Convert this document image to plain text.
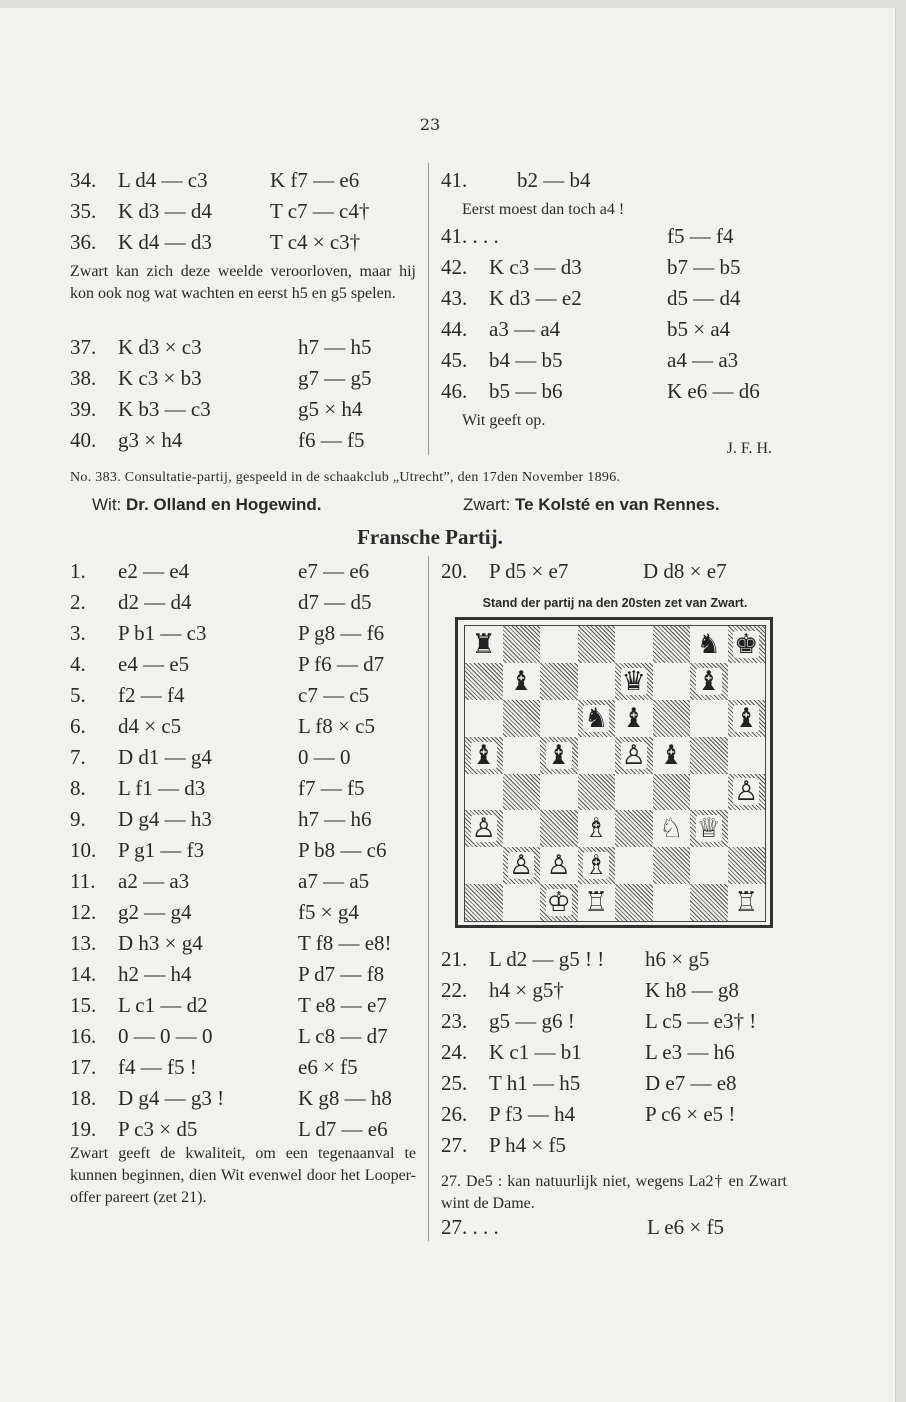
23
34. L d4 — c3	K f7 — e6
35. K d3 — d4	T c7 — c4†
36. K d4 — d3	T c4 × c3†
Zwart kan zich deze weelde veroorloven, maar hij kon ook nog wat wachten en eerst h5 en g5 spelen.
37. K d3 × c3	h7 — h5
38. K c3 × b3	g7 — g5
39. K b3 — c3	g5 × h4
40. g3 × h4	f6 — f5
41. b2 — b4
Eerst moest dan toch a4 !
41. . . .	f5 — f4
42. K c3 — d3	b7 — b5
43. K d3 — e2	d5 — d4
44. a3 — a4	b5 × a4
45. b4 — b5	a4 — a3
46. b5 — b6	K e6 — d6
Wit geeft op.
J. F. H.
No. 383. Consultatie-partij, gespeeld in de schaakclub „Utrecht”, den 17den November 1896.
Wit: Dr. Olland en Hogewind.	Zwart: Te Kolsté en van Rennes.
Fransche Partij.
1. e2 — e4	e7 — e6
2. d2 — d4	d7 — d5
3. P b1 — c3	P g8 — f6
4. e4 — e5	P f6 — d7
5. f2 — f4	c7 — c5
6. d4 × c5	L f8 × c5
7. D d1 — g4	0 — 0
8. L f1 — d3	f7 — f5
9. D g4 — h3	h7 — h6
10. P g1 — f3	P b8 — c6
11. a2 — a3	a7 — a5
12. g2 — g4	f5 × g4
13. D h3 × g4	T f8 — e8!
14. h2 — h4	P d7 — f8
15. L c1 — d2	T e8 — e7
16. 0 — 0 — 0	L c8 — d7
17. f4 — f5 !	e6 × f5
18. D g4 — g3 !	K g8 — h8
19. P c3 × d5	L d7 — e6
Zwart geeft de kwaliteit, om een tegenaanval te kunnen beginnen, dien Wit evenwel door het Looper-offer pareert (zet 21).
20. P d5 × e7	D d8 × e7
Stand der partij na den 20sten zet van Zwart.
♜	♞ ♚
♝	♛ ♝
♞ ♝	♝
♝ ♝ ♙ ♝
♙
♙	♗ ♘ ♕
♙ ♙ ♗
♔ ♖	♖
21. L d2 — g5 ! ! h6 × g5
22. h4 × g5†	K h8 — g8
23. g5 — g6 !	L c5 — e3† !
24. K c1 — b1	L e3 — h6
25. T h1 — h5	D e7 — e8
26. P f3 — h4	P c6 × e5 !
27. P h4 × f5
27. De5 : kan natuurlijk niet, wegens La2† en Zwart wint de Dame.
27. . . .	L e6 × f5
